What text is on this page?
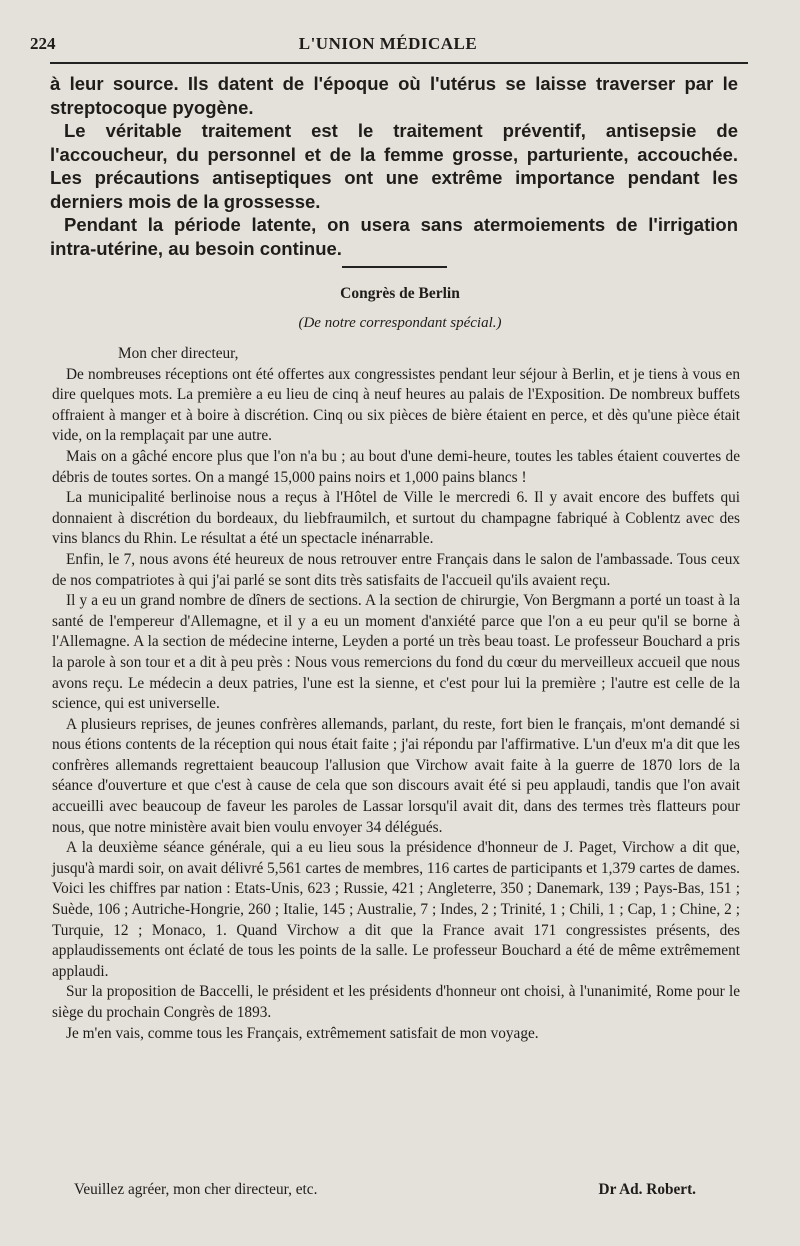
224	L'UNION MÉDICALE

à leur source. Ils datent de l'époque où l'utérus se laisse traverser par le streptocoque pyogène.

Le véritable traitement est le traitement préventif, antisepsie de l'accoucheur, du personnel et de la femme grosse, parturiente, accouchée. Les précautions antiseptiques ont une extrême importance pendant les derniers mois de la grossesse.

Pendant la période latente, on usera sans atermoiements de l'irrigation intra-utérine, au besoin continue.

Congrès de Berlin
(De notre correspondant spécial.)

Mon cher directeur,

De nombreuses réceptions ont été offertes aux congressistes pendant leur séjour à Berlin, et je tiens à vous en dire quelques mots. La première a eu lieu de cinq à neuf heures au palais de l'Exposition. De nombreux buffets offraient à manger et à boire à discrétion. Cinq ou six pièces de bière étaient en perce, et dès qu'une pièce était vide, on la remplaçait par une autre.

Mais on a gâché encore plus que l'on n'a bu ; au bout d'une demi-heure, toutes les tables étaient couvertes de débris de toutes sortes. On a mangé 15,000 pains noirs et 1,000 pains blancs !

La municipalité berlinoise nous a reçus à l'Hôtel de Ville le mercredi 6. Il y avait encore des buffets qui donnaient à discrétion du bordeaux, du liebfraumilch, et surtout du champagne fabriqué à Coblentz avec des vins blancs du Rhin. Le résultat a été un spectacle inénarrable.

Enfin, le 7, nous avons été heureux de nous retrouver entre Français dans le salon de l'ambassade. Tous ceux de nos compatriotes à qui j'ai parlé se sont dits très satisfaits de l'accueil qu'ils avaient reçu.

Il y a eu un grand nombre de dîners de sections. A la section de chirurgie, Von Bergmann a porté un toast à la santé de l'empereur d'Allemagne, et il y a eu un moment d'anxiété parce que l'on a eu peur qu'il se borne à l'Allemagne. A la section de médecine interne, Leyden a porté un très beau toast. Le professeur Bouchard a pris la parole à son tour et a dit à peu près : Nous vous remercions du fond du cœur du merveilleux accueil que nous avons reçu. Le médecin a deux patries, l'une est la sienne, et c'est pour lui la première ; l'autre est celle de la science, qui est universelle.

A plusieurs reprises, de jeunes confrères allemands, parlant, du reste, fort bien le français, m'ont demandé si nous étions contents de la réception qui nous était faite ; j'ai répondu par l'affirmative. L'un d'eux m'a dit que les confrères allemands regrettaient beaucoup l'allusion que Virchow avait faite à la guerre de 1870 lors de la séance d'ouverture et que c'est à cause de cela que son discours avait été si peu applaudi, tandis que l'on avait accueilli avec beaucoup de faveur les paroles de Lassar lorsqu'il avait dit, dans des termes très flatteurs pour nous, que notre ministère avait bien voulu envoyer 34 délégués.

A la deuxième séance générale, qui a eu lieu sous la présidence d'honneur de J. Paget, Virchow a dit que, jusqu'à mardi soir, on avait délivré 5,561 cartes de membres, 116 cartes de participants et 1,379 cartes de dames. Voici les chiffres par nation : Etats-Unis, 623 ; Russie, 421 ; Angleterre, 350 ; Danemark, 139 ; Pays-Bas, 151 ; Suède, 106 ; Autriche-Hongrie, 260 ; Italie, 145 ; Australie, 7 ; Indes, 2 ; Trinité, 1 ; Chili, 1 ; Cap, 1 ; Chine, 2 ; Turquie, 12 ; Monaco, 1. Quand Virchow a dit que la France avait 171 congressistes présents, des applaudissements ont éclaté de tous les points de la salle. Le professeur Bouchard a été de même extrêmement applaudi.

Sur la proposition de Baccelli, le président et les présidents d'honneur ont choisi, à l'unanimité, Rome pour le siège du prochain Congrès de 1893.

Je m'en vais, comme tous les Français, extrêmement satisfait de mon voyage.

Veuillez agréer, mon cher directeur, etc.	Dr Ad. Robert.
